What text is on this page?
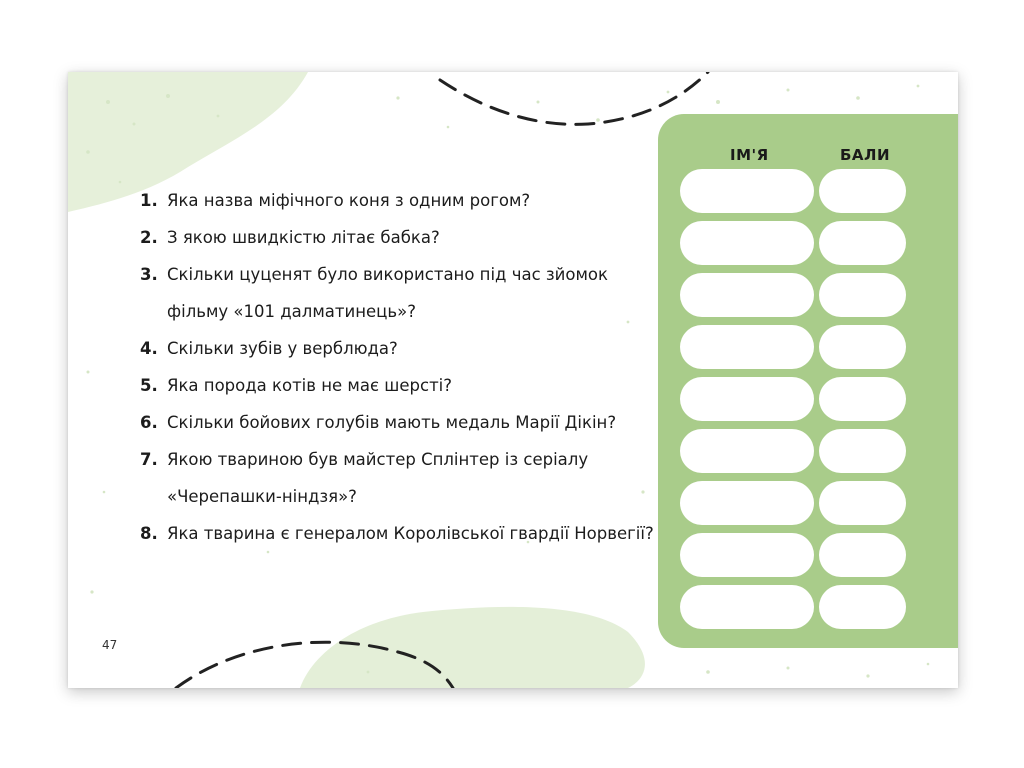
1. Яка назва міфічного коня з одним рогом?
2. З якою швидкістю літає бабка?
3. Скільки цуценят було використано під час зйомок фільму «101 далматинець»?
4. Скільки зубів у верблюда?
5. Яка порода котів не має шерсті?
6. Скільки бойових голубів мають медаль Марії Дікін?
7. Якою твариною був майстер Сплінтер із серіалу «Черепашки-ніндзя»?
8. Яка тварина є генералом Королівської гвардії Норвегії?
47
ІМ'Я	БАЛИ
